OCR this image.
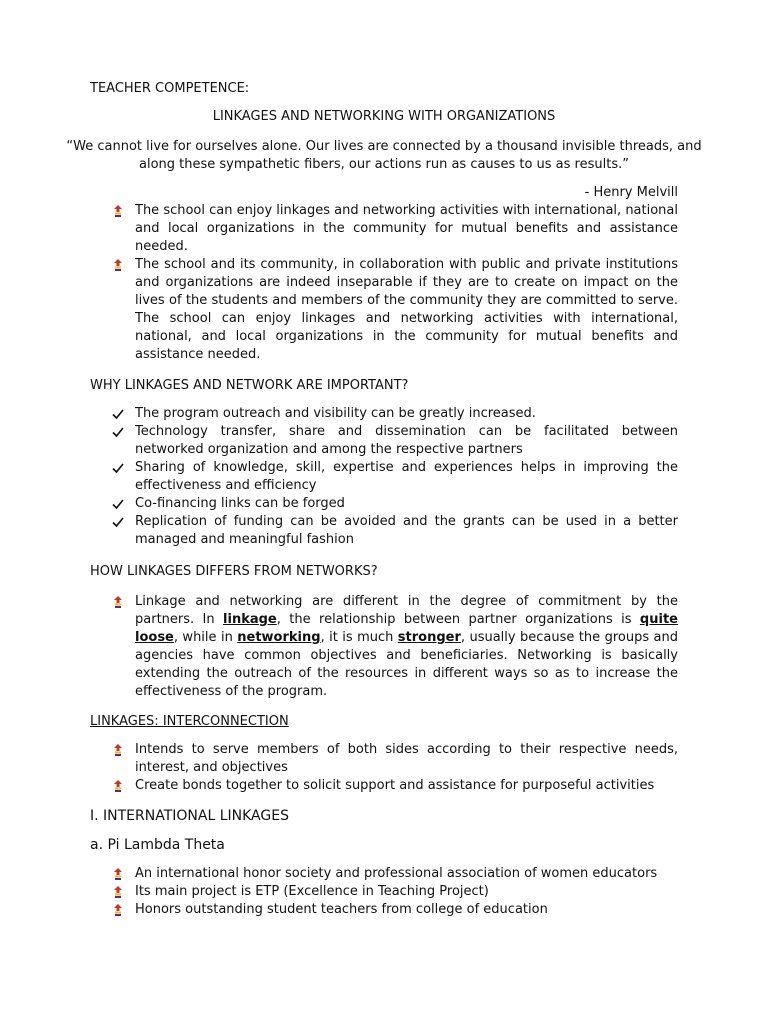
TEACHER COMPETENCE:
LINKAGES AND NETWORKING WITH ORGANIZATIONS
“We cannot live for ourselves alone. Our lives are connected by a thousand invisible threads, and along these sympathetic fibers, our actions run as causes to us as results.”
- Henry Melvill
The school can enjoy linkages and networking activities with international, national and local organizations in the community for mutual benefits and assistance needed.
The school and its community, in collaboration with public and private institutions and organizations are indeed inseparable if they are to create on impact on the lives of the students and members of the community they are committed to serve. The school can enjoy linkages and networking activities with international, national, and local organizations in the community for mutual benefits and assistance needed.
WHY LINKAGES AND NETWORK ARE IMPORTANT?
The program outreach and visibility can be greatly increased.
Technology transfer, share and dissemination can be facilitated between networked organization and among the respective partners
Sharing of knowledge, skill, expertise and experiences helps in improving the effectiveness and efficiency
Co-financing links can be forged
Replication of funding can be avoided and the grants can be used in a better managed and meaningful fashion
HOW LINKAGES DIFFERS FROM NETWORKS?
Linkage and networking are different in the degree of commitment by the partners. In linkage, the relationship between partner organizations is quite loose, while in networking, it is much stronger, usually because the groups and agencies have common objectives and beneficiaries. Networking is basically extending the outreach of the resources in different ways so as to increase the effectiveness of the program.
LINKAGES: INTERCONNECTION
Intends to serve members of both sides according to their respective needs, interest, and objectives
Create bonds together to solicit support and assistance for purposeful activities
I. INTERNATIONAL LINKAGES
a. Pi Lambda Theta
An international honor society and professional association of women educators
Its main project is ETP (Excellence in Teaching Project)
Honors outstanding student teachers from college of education
